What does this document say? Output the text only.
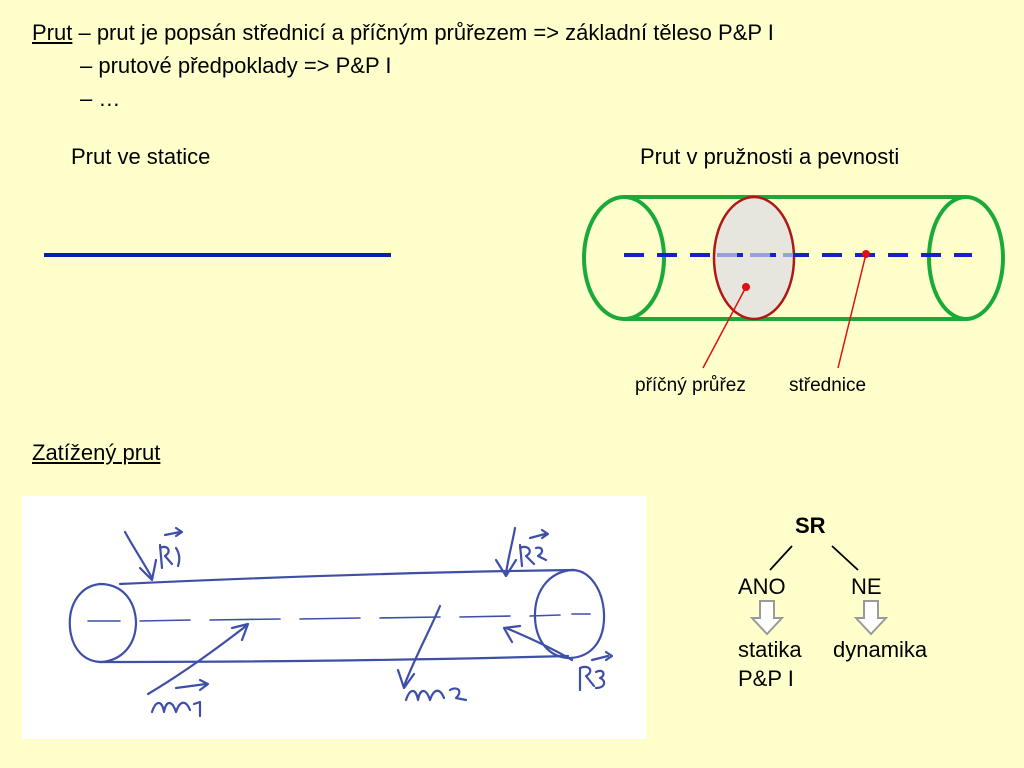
Prut – prut je popsán střednicí a příčným průřezem => základní těleso P&P I
– prutové předpoklady => P&P I
– …
Prut ve statice	Prut v pružnosti a pevnosti
příčný průřez střednice
Zatížený prut
SR
ANO	NE
statika
P&P I
dynamika
